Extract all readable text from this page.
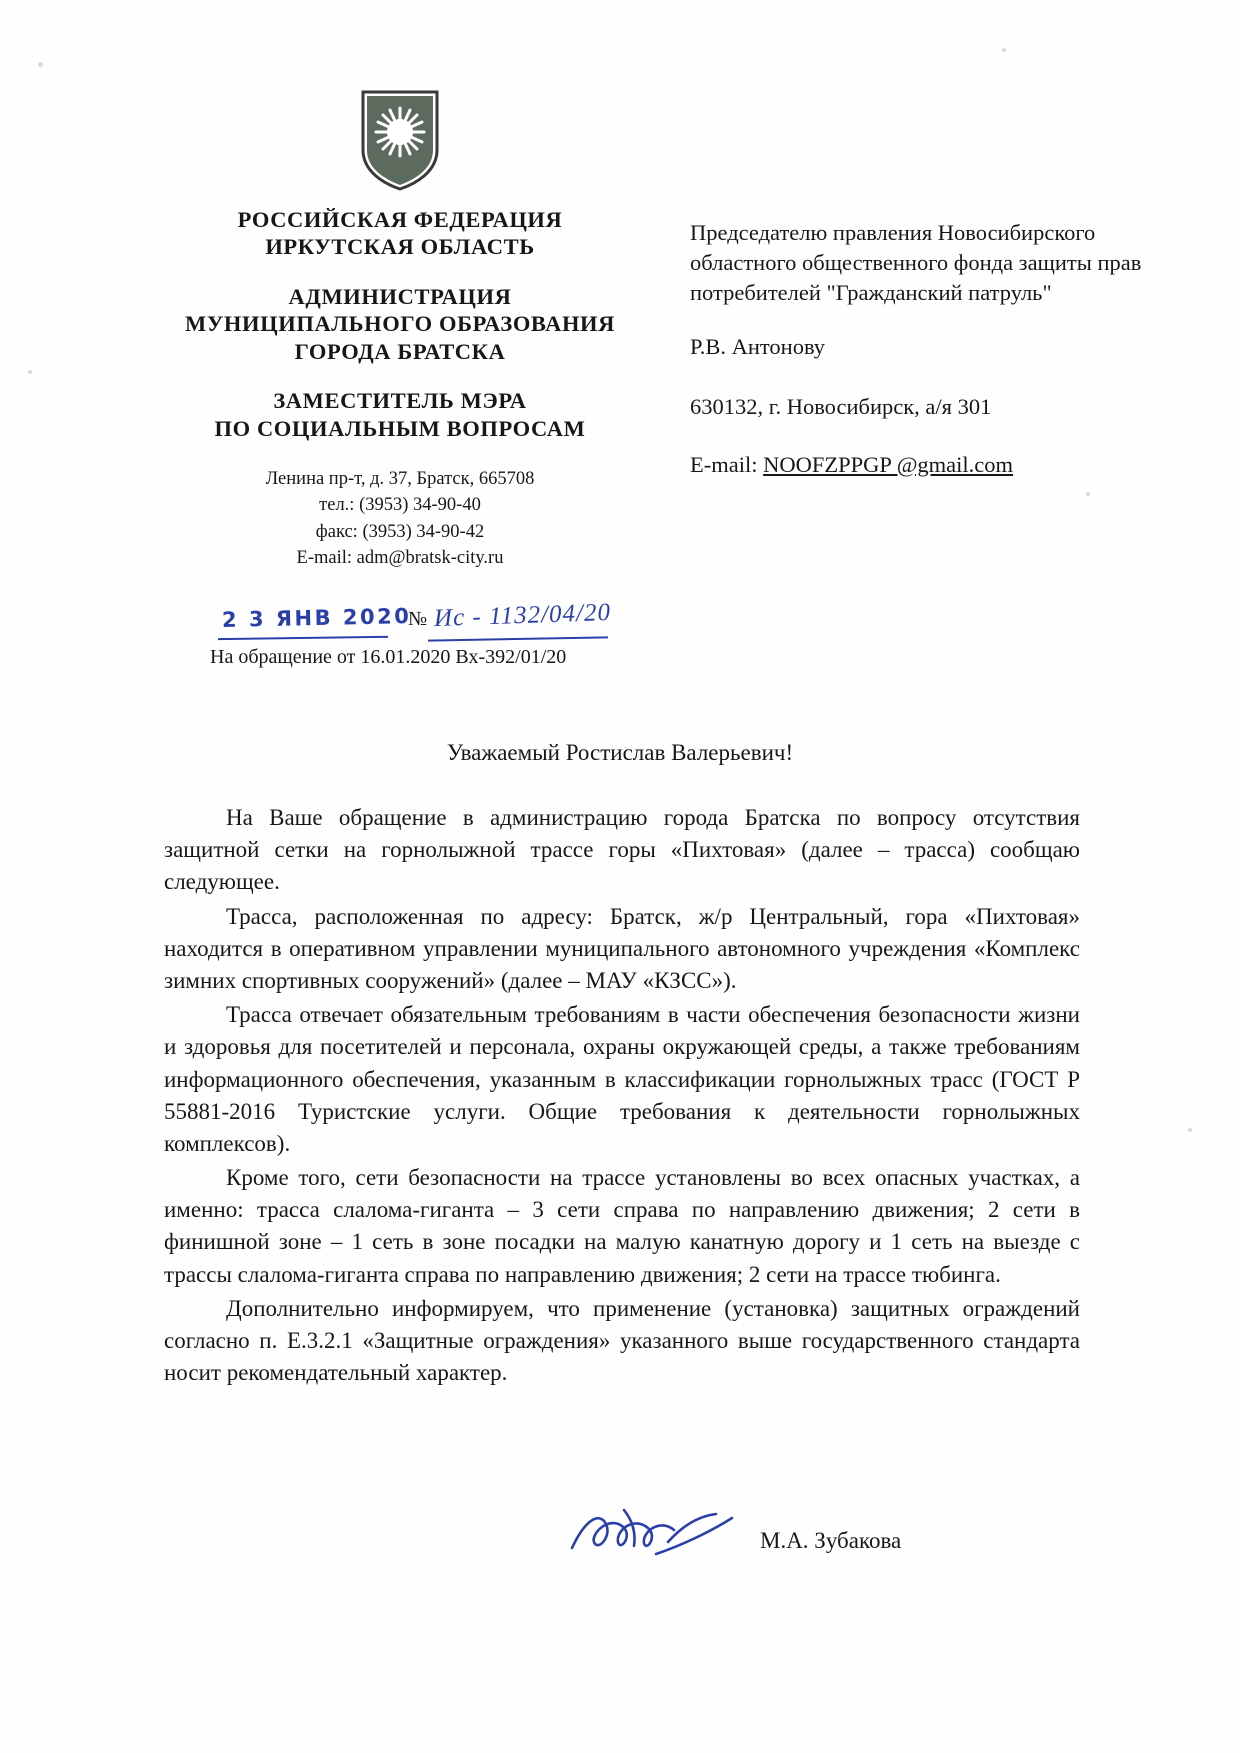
РОССИЙСКАЯ ФЕДЕРАЦИЯ
ИРКУТСКАЯ ОБЛАСТЬ
АДМИНИСТРАЦИЯ
МУНИЦИПАЛЬНОГО ОБРАЗОВАНИЯ
ГОРОДА БРАТСКА
ЗАМЕСТИТЕЛЬ МЭРА
ПО СОЦИАЛЬНЫМ ВОПРОСАМ
Ленина пр-т, д. 37, Братск, 665708
тел.: (3953) 34-90-40
факс: (3953) 34-90-42
E-mail: adm@bratsk-city.ru
Председателю правления Новосибирского областного общественного фонда защиты прав потребителей "Гражданский патруль"
Р.В. Антонову
630132, г. Новосибирск, а/я 301
E-mail: NOOFZPPGP @gmail.com
2 3 ЯНВ 2020
№ Ис - 1132/04/20
На обращение от 16.01.2020 Вх-392/01/20
Уважаемый Ростислав Валерьевич!

На Ваше обращение в администрацию города Братска по вопросу отсутствия защитной сетки на горнолыжной трассе горы «Пихтовая» (далее – трасса) сообщаю следующее.

Трасса, расположенная по адресу: Братск, ж/р Центральный, гора «Пихтовая» находится в оперативном управлении муниципального автономного учреждения «Комплекс зимних спортивных сооружений» (далее – МАУ «КЗСС»).

Трасса отвечает обязательным требованиям в части обеспечения безопасности жизни и здоровья для посетителей и персонала, охраны окружающей среды, а также требованиям информационного обеспечения, указанным в классификации горнолыжных трасс (ГОСТ Р 55881-2016 Туристские услуги. Общие требования к деятельности горнолыжных комплексов).

Кроме того, сети безопасности на трассе установлены во всех опасных участках, а именно: трасса слалома-гиганта – 3 сети справа по направлению движения; 2 сети в финишной зоне – 1 сеть в зоне посадки на малую канатную дорогу и 1 сеть на выезде с трассы слалома-гиганта справа по направлению движения; 2 сети на трассе тюбинга.

Дополнительно информируем, что применение (установка) защитных ограждений согласно п. Е.3.2.1 «Защитные ограждения» указанного выше государственного стандарта носит рекомендательный характер.

М.А. Зубакова
